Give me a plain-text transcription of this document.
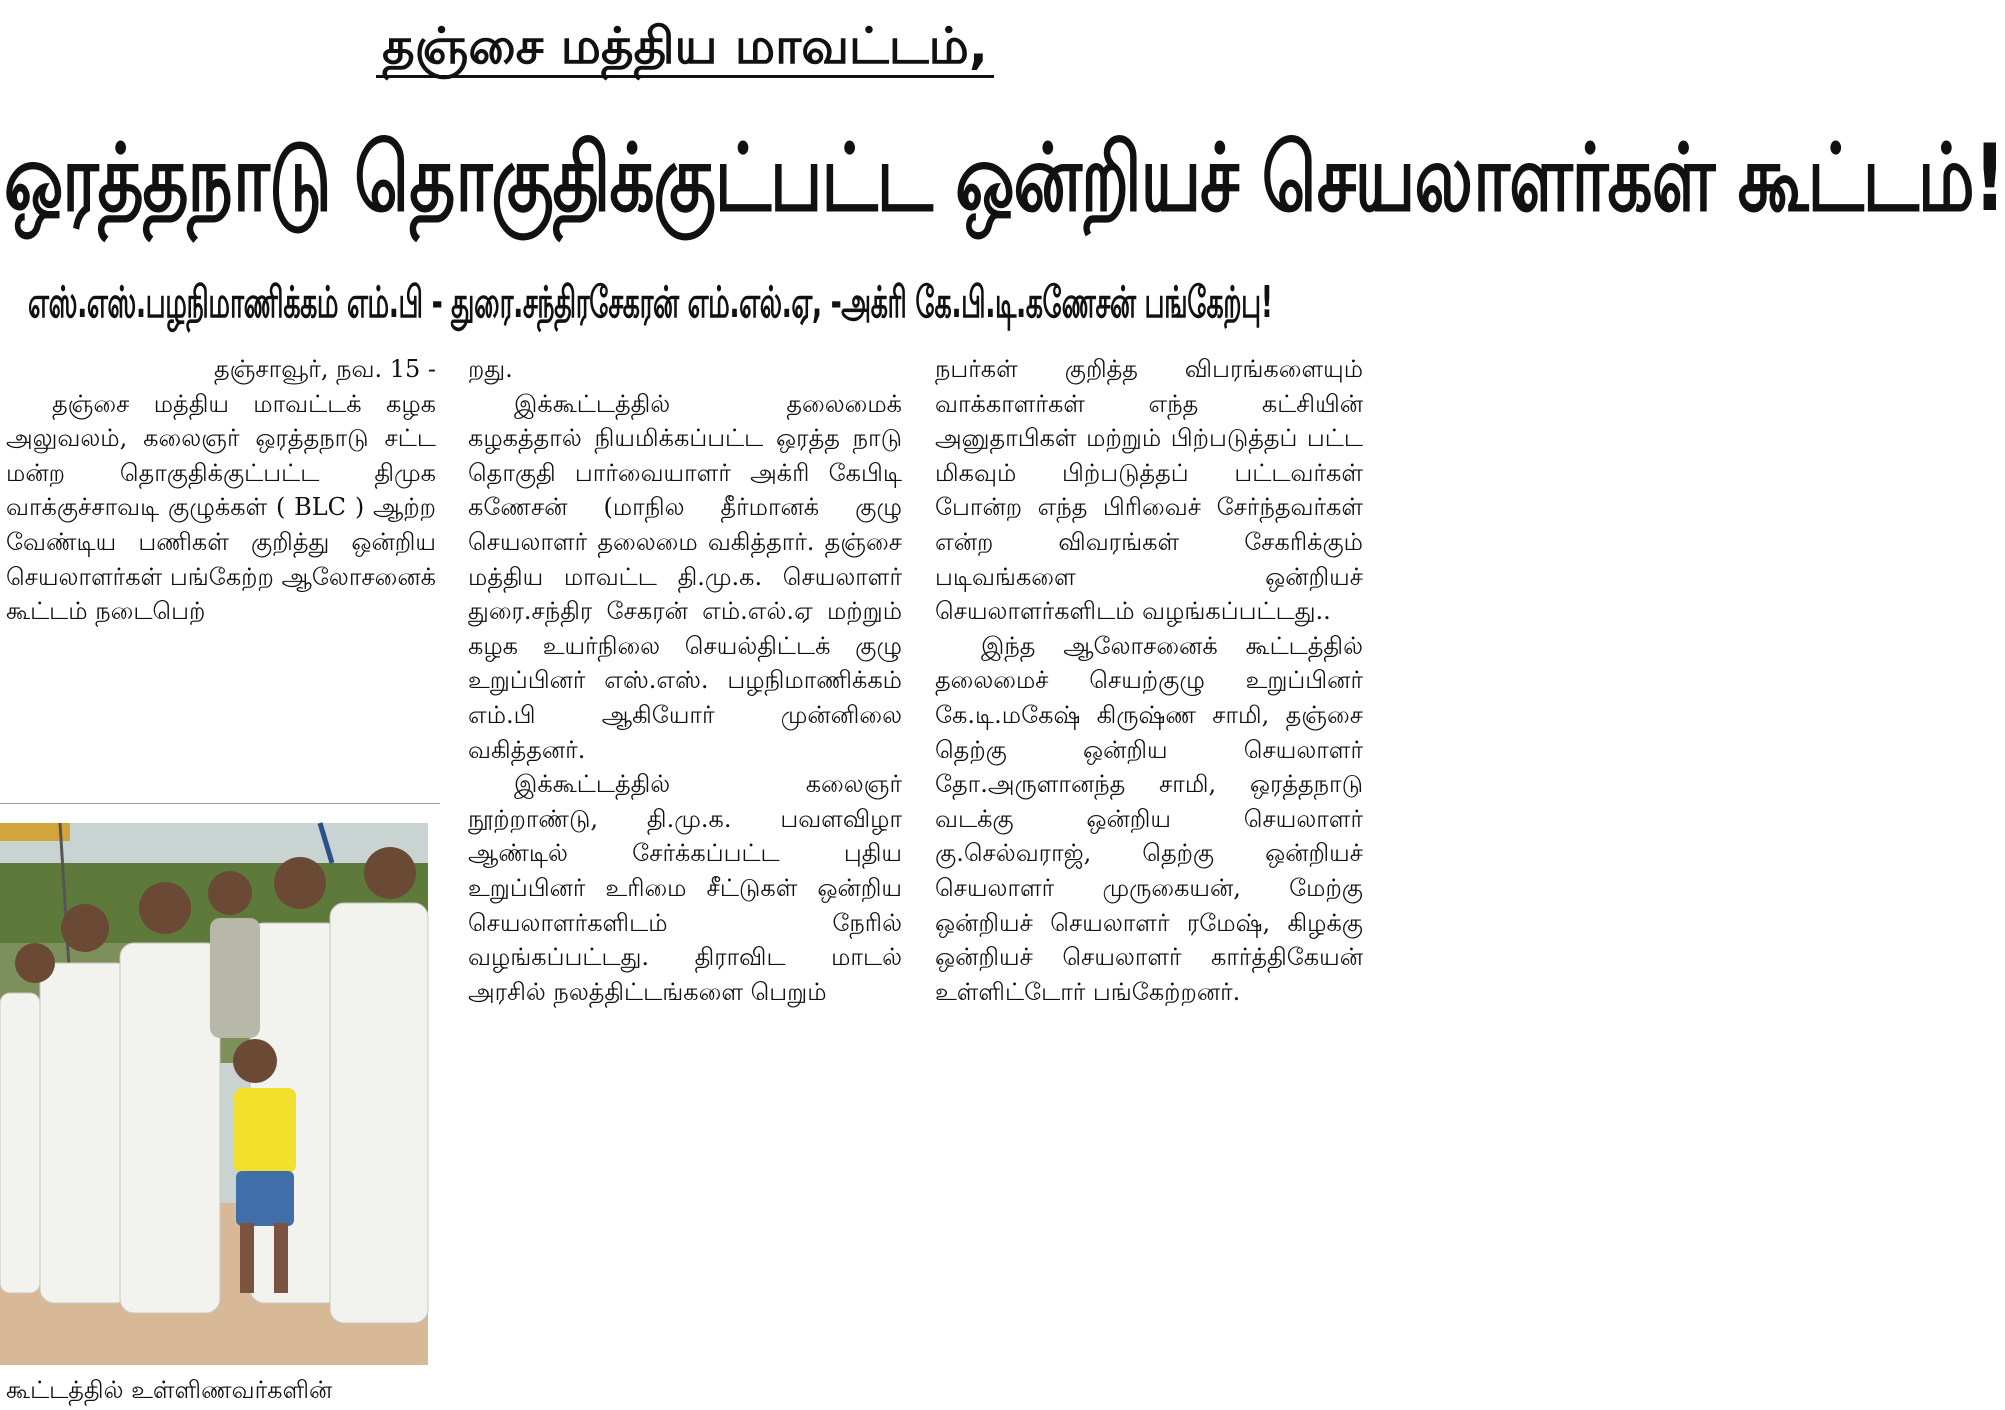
தஞ்சை மத்திய மாவட்டம்,
ஒரத்தநாடு தொகுதிக்குட்பட்ட ஒன்றியச் செயலாளர்கள் கூட்டம்!
எஸ்.எஸ்.பழநிமாணிக்கம் எம்.பி - துரை.சந்திரசேகரன் எம்.எல்.ஏ, -அக்ரி கே.பி.டி.கணேசன் பங்கேற்பு!
தஞ்சாவூர், நவ. 15 -

தஞ்சை மத்திய மாவட்டக் கழக அலுவலம், கலைஞர் ஒரத்தநாடு சட்ட மன்ற தொகுதிக்குட்பட்ட திமுக வாக்குச்சாவடி குழுக்கள் ( BLC ) ஆற்ற வேண்டிய பணிகள் குறித்து ஒன்றிய செயலாளர்கள் பங்கேற்ற ஆலோசனைக் கூட்டம் நடைபெற்

கூட்டத்தில் உள்ளிணவர்களின்

றது.

இக்கூட்டத்தில் தலைமைக் கழகத்தால் நியமிக்கப்பட்ட ஒரத்த நாடு தொகுதி பார்வையாளர் அக்ரி கேபிடி கணேசன் (மாநில தீர்மானக் குழு செயலாளர் தலைமை வகித்தார். தஞ்சை மத்திய மாவட்ட தி.மு.க. செயலாளர் துரை.சந்திர சேகரன் எம்.எல்.ஏ மற்றும் கழக உயர்நிலை செயல்திட்டக் குழு உறுப்பினர் எஸ்.எஸ். பழநிமாணிக்கம் எம்.பி ஆகியோர் முன்னிலை வகித்தனர்.

இக்கூட்டத்தில் கலைஞர் நூற்றாண்டு, தி.மு.க. பவளவிழா ஆண்டில் சேர்க்கப்பட்ட புதிய உறுப்பினர் உரிமை சீட்டுகள் ஒன்றிய செயலாளர்களிடம் நேரில் வழங்கப்பட்டது. திராவிட மாடல் அரசில் நலத்திட்டங்களை பெறும்

நபர்கள் குறித்த விபரங்களையும் வாக்காளர்கள் எந்த கட்சியின் அனுதாபிகள் மற்றும் பிற்படுத்தப் பட்ட மிகவும் பிற்படுத்தப் பட்டவர்கள் போன்ற எந்த பிரிவைச் சேர்ந்தவர்கள் என்ற விவரங்கள் சேகரிக்கும் படிவங்களை ஒன்றியச் செயலாளர்களிடம் வழங்கப்பட்டது..

இந்த ஆலோசனைக் கூட்டத்தில் தலைமைச் செயற்குழு உறுப்பினர் கே.டி.மகேஷ் கிருஷ்ண சாமி, தஞ்சை தெற்கு ஒன்றிய செயலாளர் தோ.அருளானந்த சாமி, ஒரத்தநாடு வடக்கு ஒன்றிய செயலாளர் கு.செல்வராஜ், தெற்கு ஒன்றியச் செயலாளர் முருகையன், மேற்கு ஒன்றியச் செயலாளர் ரமேஷ், கிழக்கு ஒன்றியச் செயலாளர் கார்த்திகேயன் உள்ளிட்டோர் பங்கேற்றனர்.
